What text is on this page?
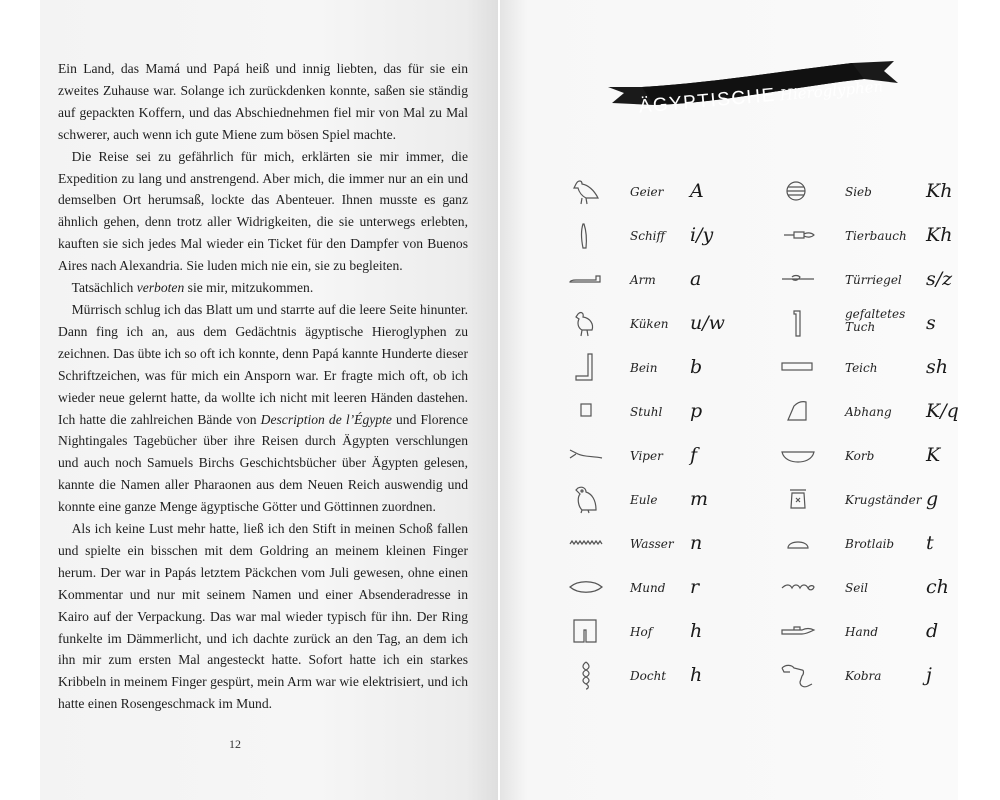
Ein Land, das Mamá und Papá heiß und innig liebten, das für sie ein zweites Zuhause war. Solange ich zurückdenken konnte, saßen sie ständig auf gepackten Koffern, und das Abschiednehmen fiel mir von Mal zu Mal schwerer, auch wenn ich gute Miene zum bösen Spiel machte.

  Die Reise sei zu gefährlich für mich, erklärten sie mir immer, die Expedition zu lang und anstrengend. Aber mich, die immer nur an ein und demselben Ort herumsaß, lockte das Abenteuer. Ihnen musste es ganz ähnlich gehen, denn trotz aller Widrigkeiten, die sie unterwegs erlebten, kauften sie sich jedes Mal wieder ein Ticket für den Dampfer von Buenos Aires nach Alexandria. Sie luden mich nie ein, sie zu begleiten.

  Tatsächlich verboten sie mir, mitzukommen.

  Mürrisch schlug ich das Blatt um und starrte auf die leere Seite hinunter. Dann fing ich an, aus dem Gedächtnis ägyptische Hieroglyphen zu zeichnen. Das übte ich so oft ich konnte, denn Papá kannte Hunderte dieser Schriftzeichen, was für mich ein Ansporn war. Er fragte mich oft, ob ich wieder neue gelernt hatte, da wollte ich nicht mit leeren Händen dastehen. Ich hatte die zahlreichen Bände von Description de l’Égypte und Florence Nightingales Tagebücher über ihre Reisen durch Ägypten verschlungen und auch noch Samuels Birchs Geschichtsbücher über Ägypten gelesen, kannte die Namen aller Pharaonen aus dem Neuen Reich auswendig und konnte eine ganze Menge ägyptische Götter und Göttinnen zuordnen.

  Als ich keine Lust mehr hatte, ließ ich den Stift in meinen Schoß fallen und spielte ein bisschen mit dem Goldring an meinem kleinen Finger herum. Der war in Papás letztem Päckchen vom Juli gewesen, ohne einen Kommentar und nur mit seinem Namen und einer Absenderadresse in Kairo auf der Verpackung. Das war mal wieder typisch für ihn. Der Ring funkelte im Dämmerlicht, und ich dachte zurück an den Tag, an dem ich ihn mir zum ersten Mal angesteckt hatte. Sofort hatte ich ein starkes Kribbeln in meinem Finger gespürt, mein Arm war wie elektrisiert, und ich hatte einen Rosengeschmack im Mund.

12
ÄGYPTISCHE Hieroglyphen
Geier A	Sieb	Kh
Schiff i/y	Tierbauch Kh
Arm a	Türriegel s/z
Küken u/w	gefaltetes Tuch	s
Bein b	Teich	sh
Stuhl p	Abhang K/q
Viper f	Korb	K
Eule m	Krugständer g
Wasser n	Brotlaib t
Mund r	Seil	ch
Hof h	Hand	d
Docht h	Kobra j
